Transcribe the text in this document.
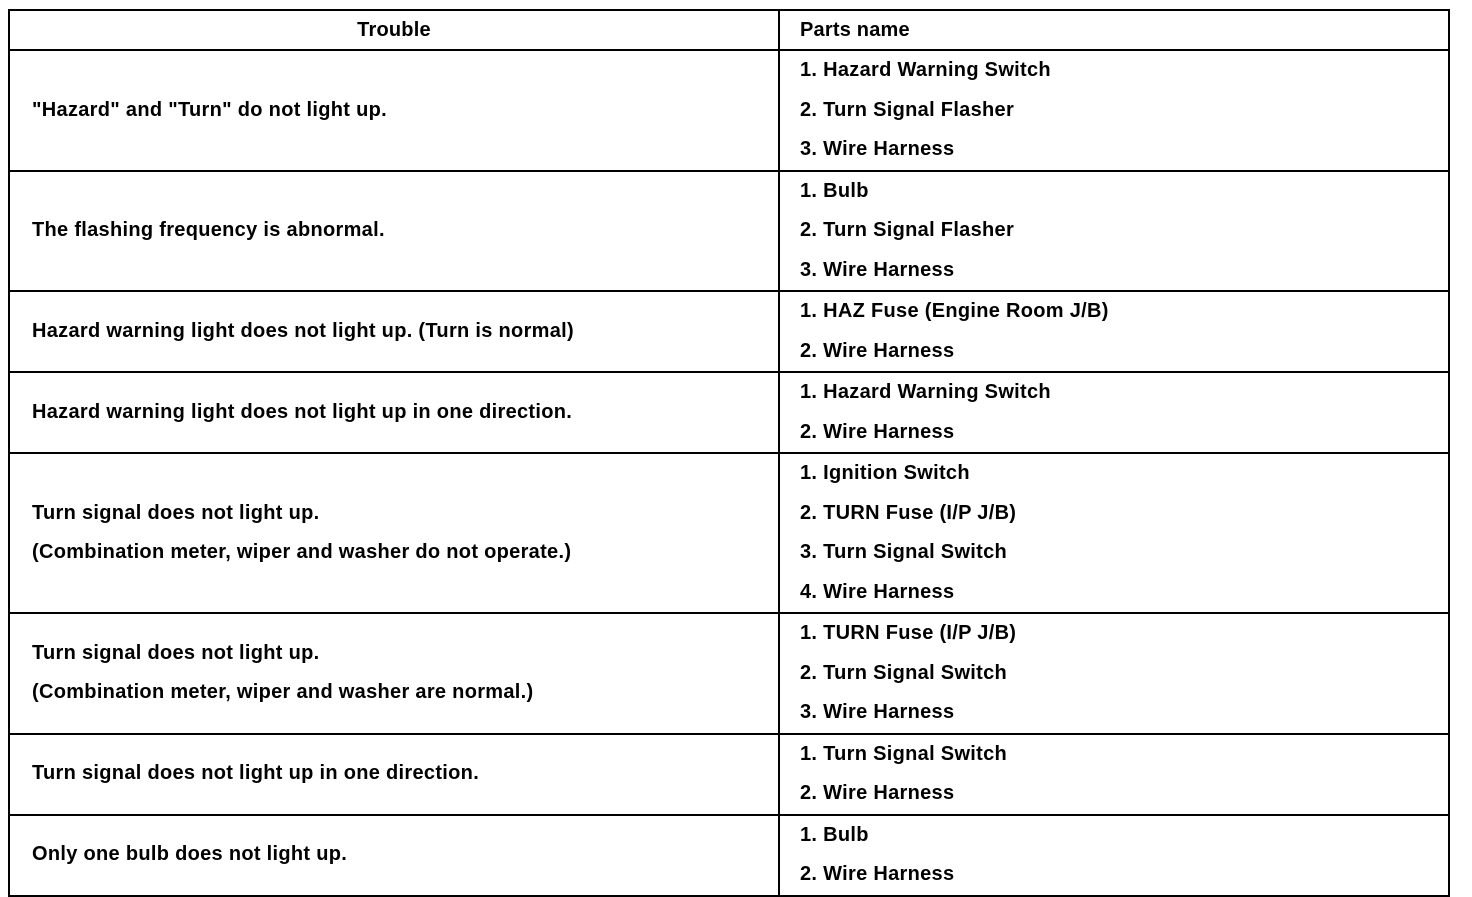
Trouble	Parts name

"Hazard" and "Turn" do not light up.	1. Hazard Warning Switch
2. Turn Signal Flasher
3. Wire Harness

The flashing frequency is abnormal.	1. Bulb
2. Turn Signal Flasher
3. Wire Harness

Hazard warning light does not light up. (Turn is normal)	1. HAZ Fuse (Engine Room J/B)
2. Wire Harness

Hazard warning light does not light up in one direction.	1. Hazard Warning Switch
2. Wire Harness

Turn signal does not light up.
(Combination meter, wiper and washer do not operate.)	1. Ignition Switch
2. TURN Fuse (I/P J/B)
3. Turn Signal Switch
4. Wire Harness

Turn signal does not light up.
(Combination meter, wiper and washer are normal.)	1. TURN Fuse (I/P J/B)
2. Turn Signal Switch
3. Wire Harness

Turn signal does not light up in one direction.	1. Turn Signal Switch
2. Wire Harness

Only one bulb does not light up.	1. Bulb
2. Wire Harness
